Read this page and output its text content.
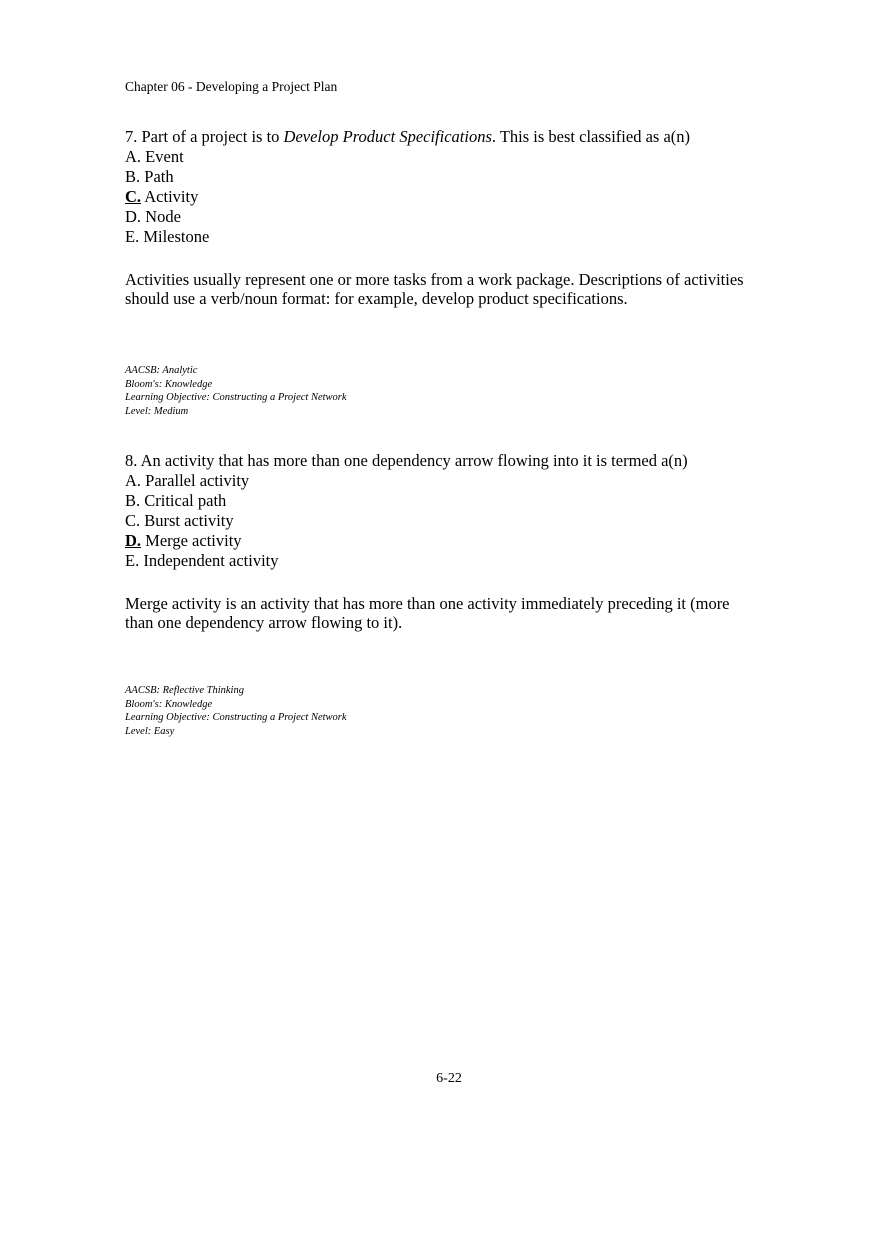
Chapter 06 - Developing a Project Plan
7. Part of a project is to Develop Product Specifications. This is best classified as a(n)
A. Event
B. Path
C. Activity
D. Node
E. Milestone
Activities usually represent one or more tasks from a work package. Descriptions of activities
should use a verb/noun format: for example, develop product specifications.
AACSB: Analytic
Bloom's: Knowledge
Learning Objective: Constructing a Project Network
Level: Medium
8. An activity that has more than one dependency arrow flowing into it is termed a(n)
A. Parallel activity
B. Critical path
C. Burst activity
D. Merge activity
E. Independent activity
Merge activity is an activity that has more than one activity immediately preceding it (more
than one dependency arrow flowing to it).
AACSB: Reflective Thinking
Bloom's: Knowledge
Learning Objective: Constructing a Project Network
Level: Easy
6-22
